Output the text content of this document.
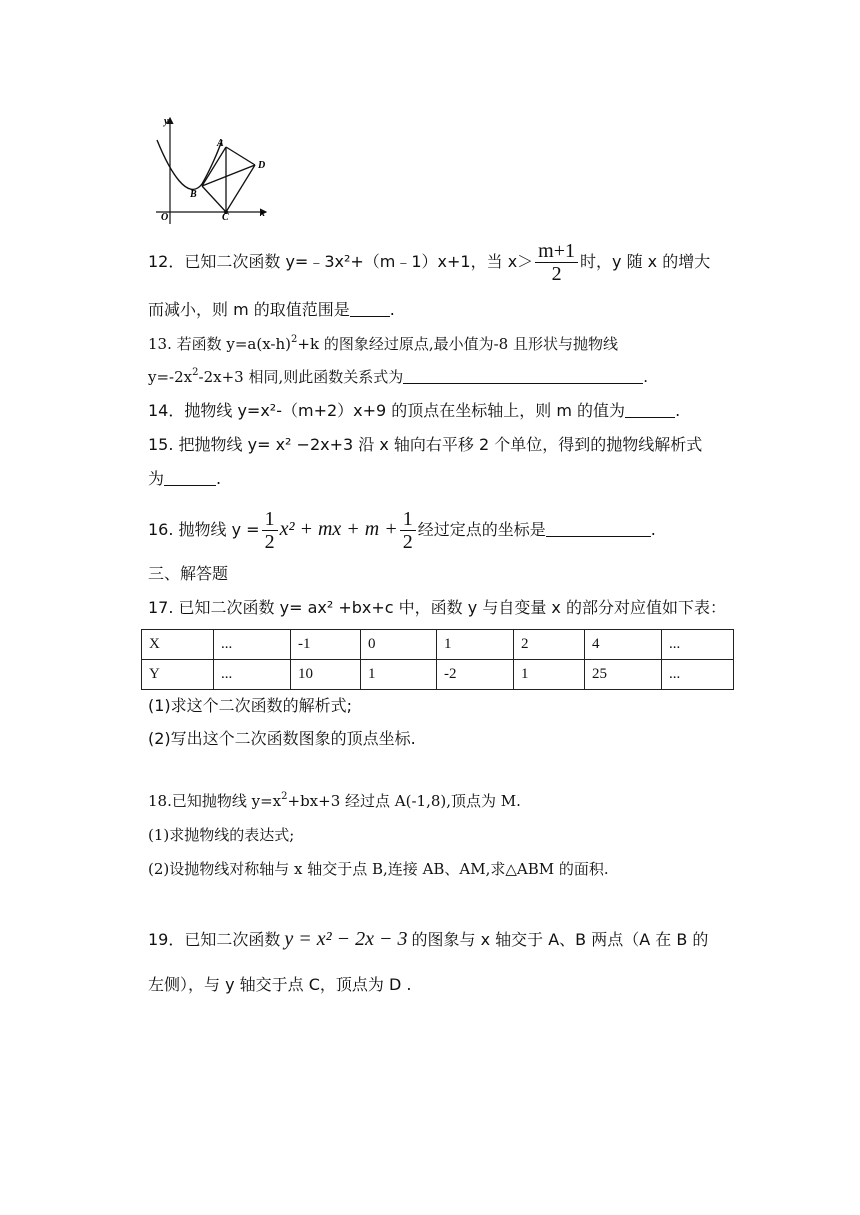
y
x
O
A
B
C
D
12．已知二次函数 y=﹣3x²+（m﹣1）x+1，当 $x> \frac{m+1}{2}$ 时，y 随 x 的增大
而减小，则 m 的取值范围是	.
13. 若函数 $y=a(x-h)^2+k$ 的图象经过原点,最小值为-8 且形状与抛物线
$y=-2x^2-2x+3$ 相同,则此函数关系式为	.
14．抛物线 y=x²-（m+2）x+9 的顶点在坐标轴上，则 m 的值为	.
15. 把抛物线 y= x² −2x+3 沿 x 轴向右平移 2 个单位，得到的抛物线解析式
为	.
16. 抛物线 $y = \frac{1}{2} x^2$ + mx + $m + \frac{1}{2}$ 经过定点的坐标是	.
三、解答题
17. 已知二次函数 y= ax² +bx+c 中，函数 y 与自变量 x 的部分对应值如下表：
X	...	-1	0	1	2	4	...
Y	...	10	1	-2	1	25	...
(1)求这个二次函数的解析式;
(2)写出这个二次函数图象的顶点坐标.
18.已知抛物线 $y=x^2+bx+3$ 经过点 A(-1,8),顶点为 M.
(1)求抛物线的表达式;
(2)设抛物线对称轴与 x 轴交于点 B,连接 AB、AM,求△ABM 的面积.
19．已知二次函数 y = x² − 2x − 3 的图象与 x 轴交于 A、B 两点（A 在 B 的
左侧），与 y 轴交于点 C，顶点为 D .
